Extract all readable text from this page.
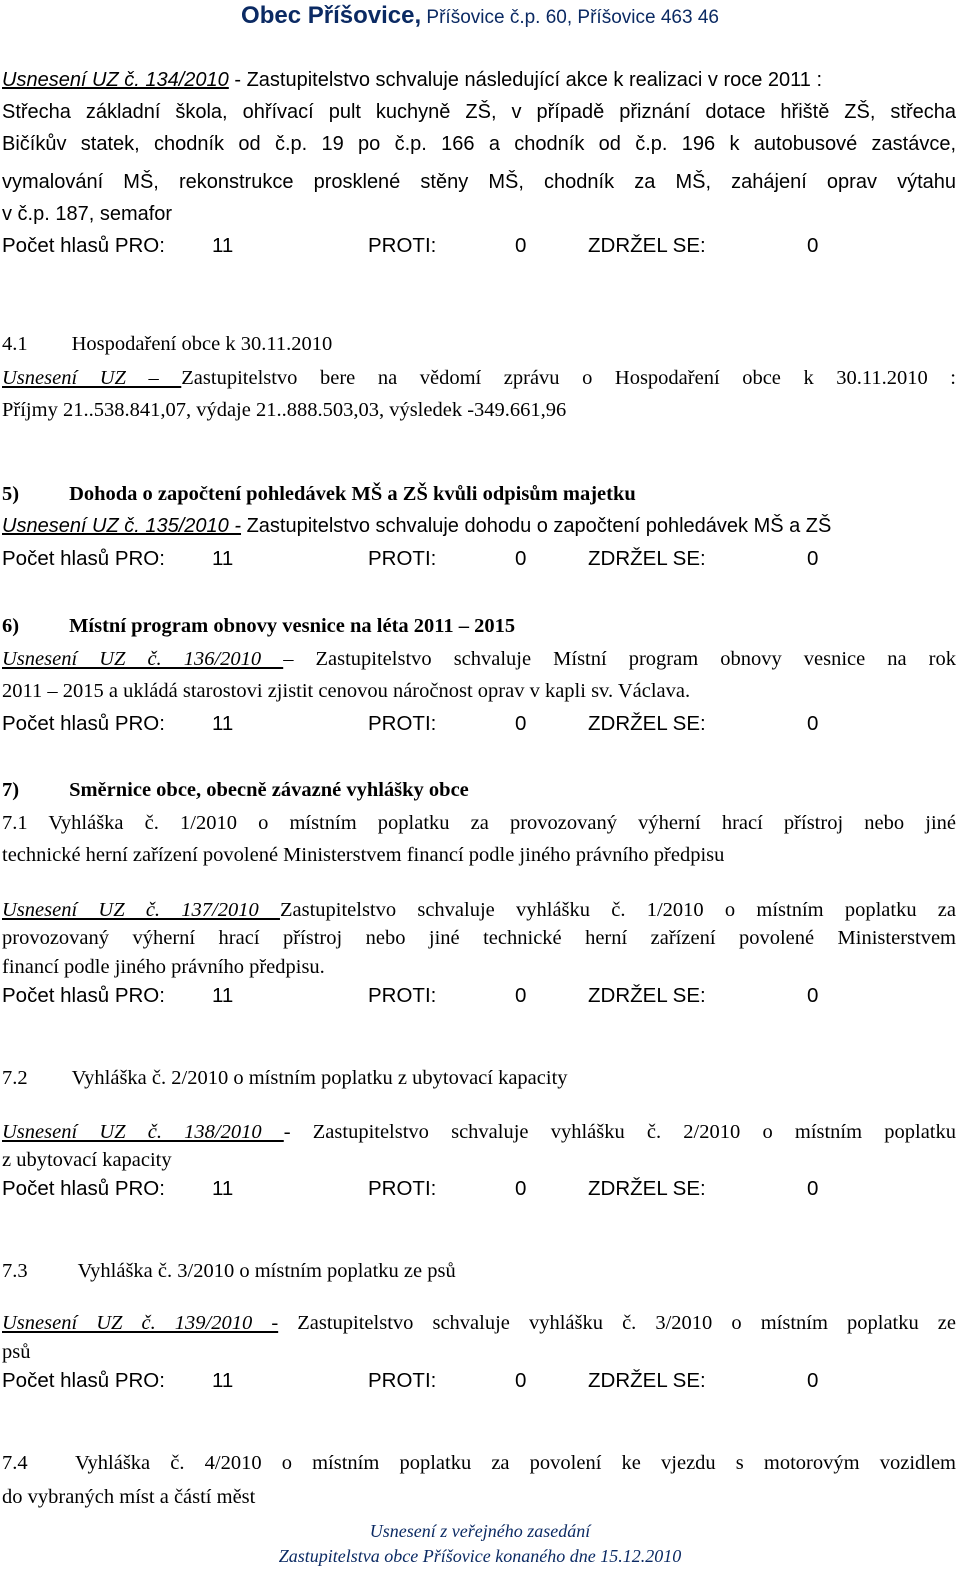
Obec Příšovice, Příšovice č.p. 60, Příšovice 463 46
Usnesení UZ č. 134/2010 - Zastupitelstvo schvaluje následující akce k realizaci v roce 2011 :
Střecha základní škola, ohřívací pult kuchyně ZŠ, v případě přiznání dotace hřiště ZŠ, střecha
Bičíkův statek, chodník od č.p. 19 po č.p. 166 a chodník od č.p. 196 k autobusové zastávce,
vymalování MŠ, rekonstrukce prosklené stěny MŠ, chodník za MŠ, zahájení oprav výtahu
v č.p. 187, semafor
Počet hlasů PRO: 11	PROTI:	0	ZDRŽEL SE:	0
4.1 Hospodaření obce k 30.11.2010
Usnesení UZ – Zastupitelstvo bere na vědomí zprávu o Hospodaření obce k 30.11.2010 :
Příjmy 21..538.841,07, výdaje 21..888.503,03, výsledek -349.661,96
5) Dohoda o započtení pohledávek MŠ a ZŠ kvůli odpisům majetku
Usnesení UZ č. 135/2010 - Zastupitelstvo schvaluje dohodu o započtení pohledávek MŠ a ZŠ
Počet hlasů PRO: 11	PROTI:	0	ZDRŽEL SE:	0
6) Místní program obnovy vesnice na léta 2011 – 2015
Usnesení UZ č. 136/2010 – Zastupitelstvo schvaluje Místní program obnovy vesnice na rok
2011 – 2015 a ukládá starostovi zjistit cenovou náročnost oprav v kapli sv. Václava.
Počet hlasů PRO: 11	PROTI:	0	ZDRŽEL SE:	0
7) Směrnice obce, obecně závazné vyhlášky obce
7.1 Vyhláška č. 1/2010 o místním poplatku za provozovaný výherní hrací přístroj nebo jiné
technické herní zařízení povolené Ministerstvem financí podle jiného právního předpisu
Usnesení UZ č. 137/2010 Zastupitelstvo schvaluje vyhlášku č. 1/2010 o místním poplatku za
provozovaný výherní hrací přístroj nebo jiné technické herní zařízení povolené Ministerstvem
financí podle jiného právního předpisu.
Počet hlasů PRO: 11	PROTI:	0	ZDRŽEL SE:	0
7.2 Vyhláška č. 2/2010 o místním poplatku z ubytovací kapacity
Usnesení UZ č. 138/2010 - Zastupitelstvo schvaluje vyhlášku č. 2/2010 o místním poplatku
z ubytovací kapacity
Počet hlasů PRO: 11	PROTI:	0	ZDRŽEL SE:	0
7.3 Vyhláška č. 3/2010 o místním poplatku ze psů
Usnesení UZ č. 139/2010 - Zastupitelstvo schvaluje vyhlášku č. 3/2010 o místním poplatku ze
psů
Počet hlasů PRO: 11	PROTI:	0	ZDRŽEL SE:	0
7.4	Vyhláška č. 4/2010 o místním poplatku za povolení ke vjezdu s motorovým vozidlem
do vybraných míst a částí měst
Usnesení z veřejného zasedání
Zastupitelstva obce Příšovice konaného dne 15.12.2010
